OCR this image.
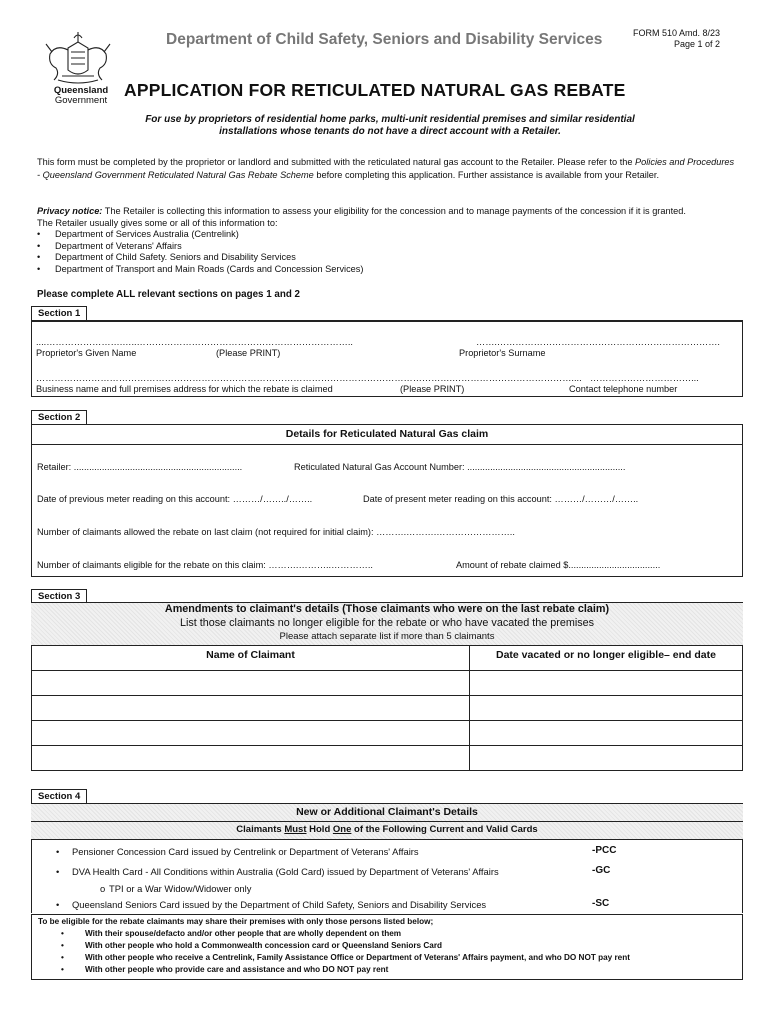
Queensland
Government
Department of Child Safety, Seniors and Disability Services	FORM 510 Amd. 8/23
Page 1 of 2
APPLICATION FOR RETICULATED NATURAL GAS REBATE
For use by proprietors of residential home parks, multi-unit residential premises and similar residential
installations whose tenants do not have a direct account with a Retailer.
This form must be completed by the proprietor or landlord and submitted with the reticulated natural gas account to the Retailer. Please refer to the Policies and Procedures - Queensland Government Reticulated Natural Gas Rebate Scheme before completing this application. Further assistance is available from your Retailer.
Privacy notice: The Retailer is collecting this information to assess your eligibility for the concession and to manage payments of the concession if it is granted.
The Retailer usually gives some or all of this information to:
• Department of Services Australia (Centrelink)
• Department of Veterans' Affairs
• Department of Child Safety. Seniors and Disability Services
• Department of Transport and Main Roads (Cards and Concession Services)
Please complete ALL relevant sections on pages 1 and 2
Section 1
....…………………….…..……………………………………………………………..	…….……………………………………………………………….
Proprietor's Given Name	(Please PRINT)	Proprietor's Surname
……………………………………………………………………………………………………………………….………………………………….... ……………………………...
Business name and full premises address for which the rebate is claimed	(Please PRINT)	Contact telephone number
Section 2
Details for Reticulated Natural Gas claim
Retailer: ..................................................................	Reticulated Natural Gas Account Number: ..............................................................
Date of previous meter reading on this account: ………/……../……..	Date of present meter reading on this account: ………/………/……..
Number of claimants allowed the rebate on last claim (not required for initial claim): ……….……….……………………..
Number of claimants eligible for the rebate on this claim: ……….………..…………..	Amount of rebate claimed $....................................
Section 3
Amendments to claimant's details (Those claimants who were on the last rebate claim)
List those claimants no longer eligible for the rebate or who have vacated the premises
Please attach separate list if more than 5 claimants
Name of Claimant	Date vacated or no longer eligible– end date

Section 4
New or Additional Claimant's Details
Claimants Must Hold One of the Following Current and Valid Cards
• Pensioner Concession Card issued by Centrelink or Department of Veterans' Affairs	-PCC
• DVA Health Card - All Conditions within Australia (Gold Card) issued by Department of Veterans' Affairs	-GC
o TPI or a War Widow/Widower only
• Queensland Seniors Card issued by the Department of Child Safety, Seniors and Disability Services	-SC
To be eligible for the rebate claimants may share their premises with only those persons listed below;
• With their spouse/defacto and/or other people that are wholly dependent on them
• With other people who hold a Commonwealth concession card or Queensland Seniors Card
• With other people who receive a Centrelink, Family Assistance Office or Department of Veterans' Affairs payment, and who DO NOT pay rent
• With other people who provide care and assistance and who DO NOT pay rent
